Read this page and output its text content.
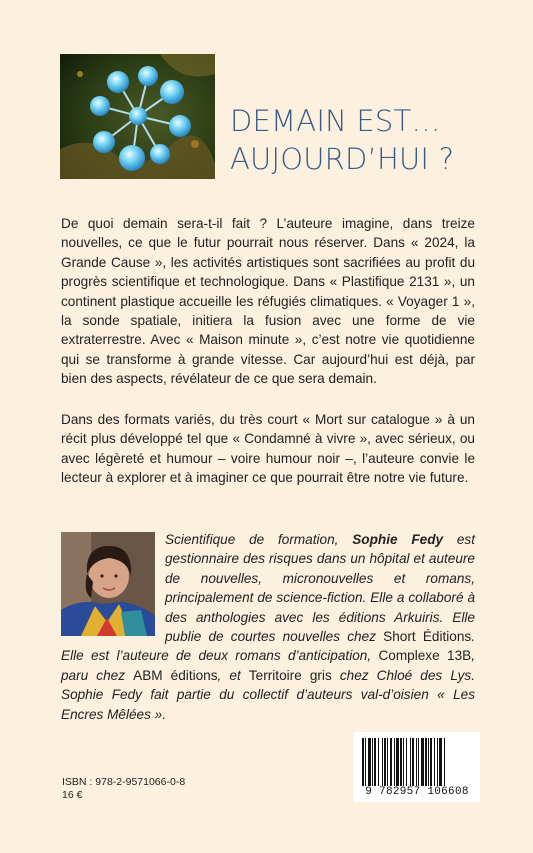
DEMAIN EST…
AUJOURD’HUI ?
De quoi demain sera-t-il fait ? L’auteure imagine, dans treize nouvelles, ce que le futur pourrait nous réserver. Dans « 2024, la Grande Cause », les activités artistiques sont sacrifiées au profit du progrès scientifique et technologique. Dans « Plastifique 2131 », un continent plastique accueille les réfugiés climatiques. « Voyager 1 », la sonde spatiale, initiera la fusion avec une forme de vie extraterrestre. Avec « Maison minute », c’est notre vie quotidienne qui se transforme à grande vitesse. Car aujourd’hui est déjà, par bien des aspects, révélateur de ce que sera demain.
Dans des formats variés, du très court « Mort sur catalogue » à un récit plus développé tel que « Condamné à vivre », avec sérieux, ou avec légèreté et humour – voire humour noir –, l’auteure convie le lecteur à explorer et à imaginer ce que pourrait être notre vie future.
Scientifique de formation, Sophie Fedy est gestionnaire des risques dans un hôpital et auteure de nouvelles, micronouvelles et romans, principalement de science-fiction. Elle a collaboré à des anthologies avec les éditions Arkuiris. Elle publie de courtes nouvelles chez Short Éditions. Elle est l’auteure de deux romans d’anticipation, Complexe 13B, paru chez ABM éditions, et Territoire gris chez Chloé des Lys. Sophie Fedy fait partie du collectif d’auteurs val-d’oisien « Les Encres Mêlées ».
ISBN : 978-2-9571066-0-8
16 €	9 782957 106608
